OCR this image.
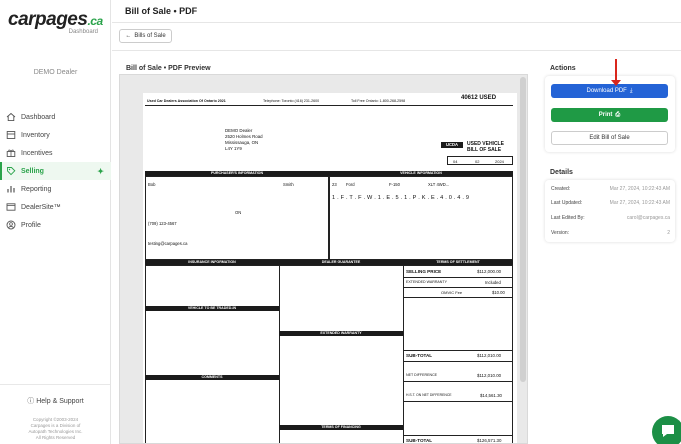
carpages.ca
Dashboard
DEMO Dealer
Dashboard
Inventory
Incentives
Selling	✦
Reporting
DealerSite™
Profile
ⓘ Help & Support
Copyright ©2003-2024
Carpages is a Division of
Autopath Technologies Inc.
All Rights Reserved
Bill of Sale • PDF
← Bills of Sale
Bill of Sale • PDF Preview
Used Car Dealers Association Of Ontario 2021	Telephone: Toronto (416) 231-2600	Toll Free Ontario: 1-800-268-2598	40612 USED
DEMO Dealer
2520 Holmes Road
Mississauga, ON
L4Y 1Y9
UCDA	USED VEHICLE
BILL OF SALE
04	02	2024
PURCHASER'S INFORMATION	VEHICLE INFORMATION
Bob	Smith
ON
(709) 123-4567
testing@carpages.ca
23 Ford	F-150	XLT 4WD...
1 . F . T . F . W . 1 . E . 5 . 1 . P . K . E . 4 . 0 . 4 . 9
INSURANCE INFORMATION	DEALER GUARANTEE	TERMS OF SETTLEMENT
SELLING PRICE	$112,000.00
EXTENDED WARRANTY	Included
OMVIC Fee	$10.00
VEHICLE TO BE TRADED-IN
EXTENDED WARRANTY
COMMENTS
TERMS OF FINANCING
SUB-TOTAL	$112,010.00
NET DIFFERENCE	$112,010.00
H.S.T. ON NET DIFFERENCE	$14,561.30
SUB-TOTAL	$126,571.30
Actions
Download PDF ⤓
Print ⎙
Edit Bill of Sale
Details
Created:	Mar 27, 2024, 10:22:43 AM
Last Updated:	Mar 27, 2024, 10:22:43 AM
Last Edited By:	carol@carpages.ca
Version:	2
